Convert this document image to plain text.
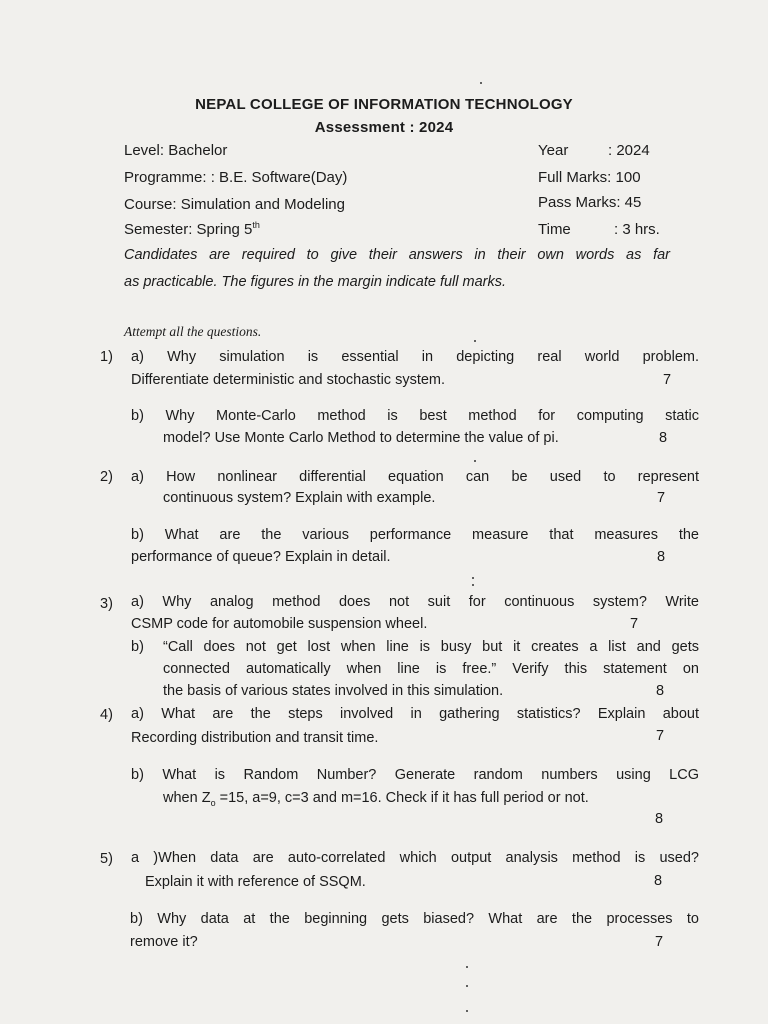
NEPAL COLLEGE OF INFORMATION TECHNOLOGY
Assessment : 2024
Level: Bachelor
Programme: : B.E. Software(Day)
Course: Simulation and Modeling
Semester: Spring 5th
Year	: 2024
Full Marks: 100
Pass Marks: 45
Time	: 3 hrs.
Candidates are required to give their answers in their own words as far
as practicable. The figures in the margin indicate full marks.
Attempt all the questions.
1) a) Why simulation is essential in depicting real world problem.
Differentiate deterministic and stochastic system.	7
b) Why Monte-Carlo method is best method for computing static
model? Use Monte Carlo Method to determine the value of pi.	8
2) a) How nonlinear differential equation can be used to represent
continuous system? Explain with example.	7
b) What are the various performance measure that measures the
performance of queue? Explain in detail.	8
3) a) Why analog method does not suit for continuous system? Write
CSMP code for automobile suspension wheel.	7
b) “Call does not get lost when line is busy but it creates a list and gets
connected automatically when line is free.” Verify this statement on
the basis of various states involved in this simulation.	8
4) a) What are the steps involved in gathering statistics? Explain about
Recording distribution and transit time.	7
b) What is Random Number? Generate random numbers using LCG
when $Z_o =15$, a=9, c=3 and m=16. Check if it has full period or not.
8
5) a )When data are auto-correlated which output analysis method is used?
Explain it with reference of SSQM.	8
b) Why data at the beginning gets biased? What are the processes to
remove it?	7
